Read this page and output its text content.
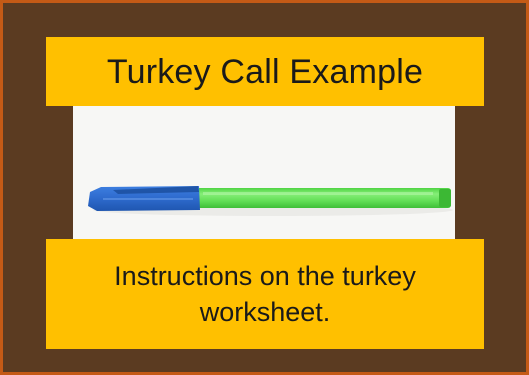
Turkey Call Example
Instructions on the turkey worksheet.
